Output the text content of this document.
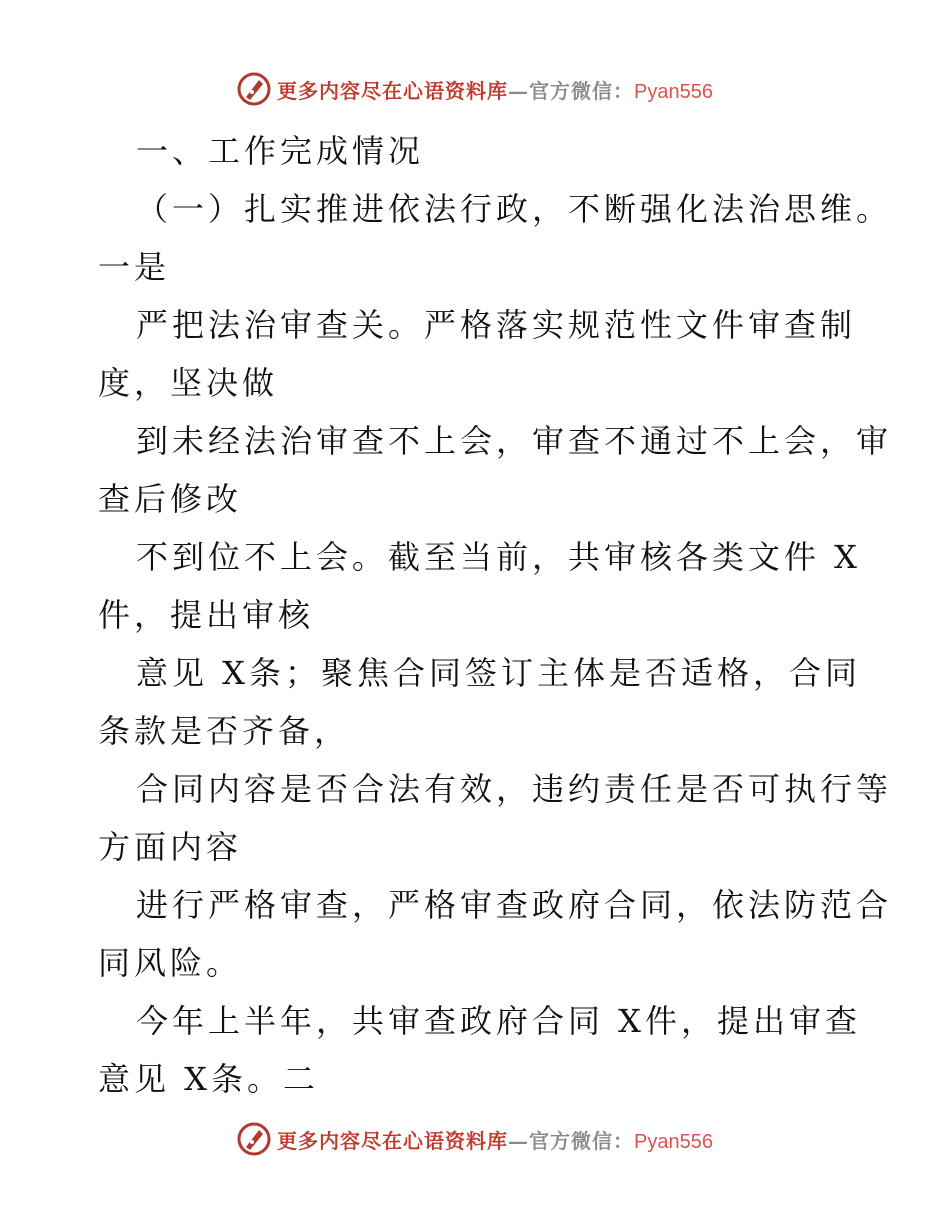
更多内容尽在心语资料库—官方微信：Pyan556
一、工作完成情况
（一）扎实推进依法行政，不断强化法治思维。
一是
严把法治审查关。严格落实规范性文件审查制
度，坚决做
到未经法治审查不上会，审查不通过不上会，审
查后修改
不到位不上会。截至当前，共审核各类文件 X
件，提出审核
意见 X条；聚焦合同签订主体是否适格，合同
条款是否齐备，
合同内容是否合法有效，违约责任是否可执行等
方面内容
进行严格审查，严格审查政府合同，依法防范合
同风险。
今年上半年，共审查政府合同 X件，提出审查
意见 X条。二
更多内容尽在心语资料库—官方微信：Pyan556
